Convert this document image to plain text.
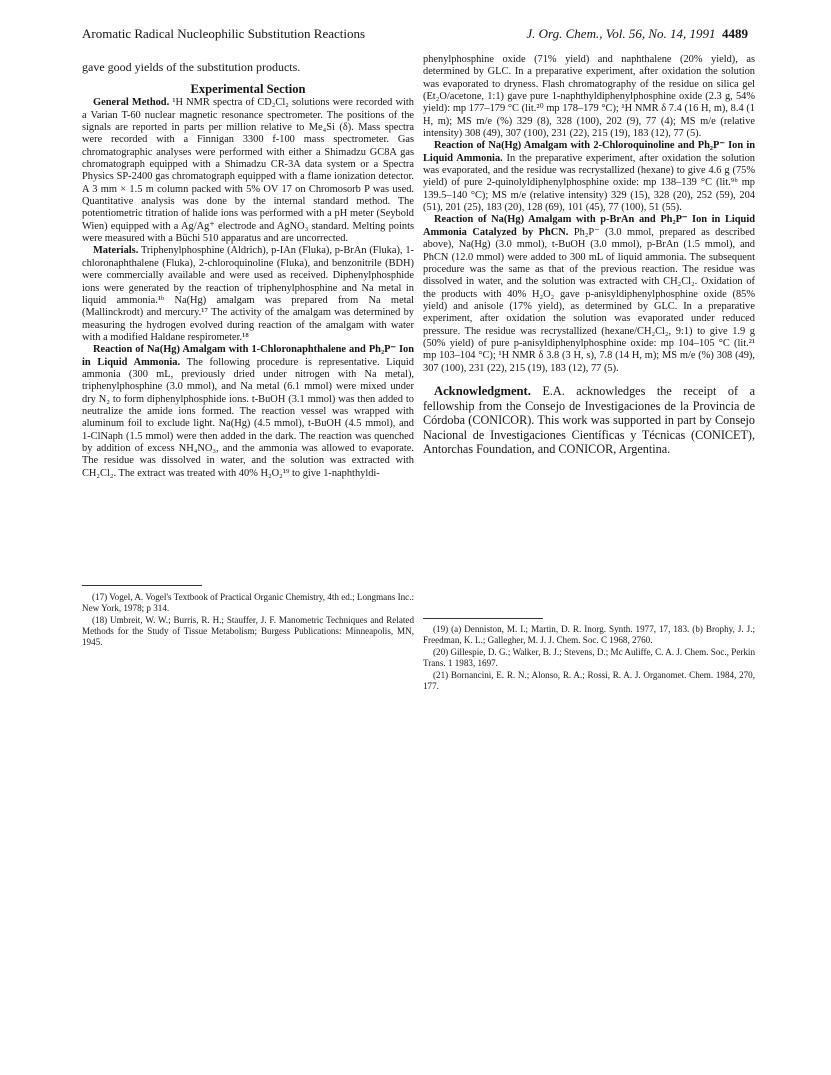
Aromatic Radical Nucleophilic Substitution Reactions	J. Org. Chem., Vol. 56, No. 14, 1991 4489

gave good yields of the substitution products.

Experimental Section

General Method. ¹H NMR spectra of CD₂Cl₂ solutions were recorded with a Varian T-60 nuclear magnetic resonance spectrometer. The positions of the signals are reported in parts per million relative to Me₄Si (δ). Mass spectra were recorded with a Finnigan 3300 f-100 mass spectrometer. Gas chromatographic analyses were performed with either a Shimadzu GC8A gas chromatograph equipped with a Shimadzu CR-3A data system or a Spectra Physics SP-2400 gas chromatograph equipped with a flame ionization detector. A 3 mm × 1.5 m column packed with 5% OV 17 on Chromosorb P was used. Quantitative analysis was done by the internal standard method. The potentiometric titration of halide ions was performed with a pH meter (Seybold Wien) equipped with a Ag/Ag⁺ electrode and AgNO₃ standard. Melting points were measured with a Büchi 510 apparatus and are uncorrected.

Materials. Triphenylphosphine (Aldrich), p-IAn (Fluka), p-BrAn (Fluka), 1-chloronaphthalene (Fluka), 2-chloroquinoline (Fluka), and benzonitrile (BDH) were commercially available and were used as received. Diphenylphosphide ions were generated by the reaction of triphenylphosphine and Na metal in liquid ammonia.¹ᵇ Na(Hg) amalgam was prepared from Na metal (Mallinckrodt) and mercury.¹⁷ The activity of the amalgam was determined by measuring the hydrogen evolved during reaction of the amalgam with water with a modified Haldane respirometer.¹⁸

Reaction of Na(Hg) Amalgam with 1-Chloronaphthalene and Ph₂P⁻ Ion in Liquid Ammonia. The following procedure is representative. Liquid ammonia (300 mL, previously dried under nitrogen with Na metal), triphenylphosphine (3.0 mmol), and Na metal (6.1 mmol) were mixed under dry N₂ to form diphenylphosphide ions. t-BuOH (3.1 mmol) was then added to neutralize the amide ions formed. The reaction vessel was wrapped with aluminum foil to exclude light. Na(Hg) (4.5 mmol), t-BuOH (4.5 mmol), and 1-ClNaph (1.5 mmol) were then added in the dark. The reaction was quenched by addition of excess NH₄NO₃, and the ammonia was allowed to evaporate. The residue was dissolved in water, and the solution was extracted with CH₂Cl₂. The extract was treated with 40% H₂O₂¹⁹ to give 1-naphthyldi-

phenylphosphine oxide (71% yield) and naphthalene (20% yield), as determined by GLC. In a preparative experiment, after oxidation the solution was evaporated to dryness. Flash chromatography of the residue on silica gel (Et₂O/acetone, 1:1) gave pure 1-naphthyldiphenylphosphine oxide (2.3 g, 54% yield): mp 177–179 °C (lit.²⁰ mp 178–179 °C); ¹H NMR δ 7.4 (16 H, m), 8.4 (1 H, m); MS m/e (%) 329 (8), 328 (100), 202 (9), 77 (4); MS m/e (relative intensity) 308 (49), 307 (100), 231 (22), 215 (19), 183 (12), 77 (5).

Reaction of Na(Hg) Amalgam with 2-Chloroquinoline and Ph₂P⁻ Ion in Liquid Ammonia. In the preparative experiment, after oxidation the solution was evaporated, and the residue was recrystallized (hexane) to give 4.6 g (75% yield) of pure 2-quinolyldiphenylphosphine oxide: mp 138–139 °C (lit.⁹ᵇ mp 139.5–140 °C); MS m/e (relative intensity) 329 (15), 328 (20), 252 (59), 204 (51), 201 (25), 183 (20), 128 (69), 101 (45), 77 (100), 51 (55).

Reaction of Na(Hg) Amalgam with p-BrAn and Ph₂P⁻ Ion in Liquid Ammonia Catalyzed by PhCN. Ph₂P⁻ (3.0 mmol, prepared as described above), Na(Hg) (3.0 mmol), t-BuOH (3.0 mmol), p-BrAn (1.5 mmol), and PhCN (12.0 mmol) were added to 300 mL of liquid ammonia. The subsequent procedure was the same as that of the previous reaction. The residue was dissolved in water, and the solution was extracted with CH₂Cl₂. Oxidation of the products with 40% H₂O₂ gave p-anisyldiphenylphosphine oxide (85% yield) and anisole (17% yield), as determined by GLC. In a preparative experiment, after oxidation the solution was evaporated under reduced pressure. The residue was recrystallized (hexane/CH₂Cl₂, 9:1) to give 1.9 g (50% yield) of pure p-anisyldiphenylphosphine oxide: mp 104–105 °C (lit.²¹ mp 103–104 °C); ¹H NMR δ 3.8 (3 H, s), 7.8 (14 H, m); MS m/e (%) 308 (49), 307 (100), 231 (22), 215 (19), 183 (12), 77 (5).

Acknowledgment. E.A. acknowledges the receipt of a fellowship from the Consejo de Investigaciones de la Provincia de Córdoba (CONICOR). This work was supported in part by Consejo Nacional de Investigaciones Científicas y Técnicas (CONICET), Antorchas Foundation, and CONICOR, Argentina.

(17) Vogel, A. Vogel's Textbook of Practical Organic Chemistry, 4th ed.; Longmans Inc.: New York, 1978; p 314.

(18) Umbreit, W. W.; Burris, R. H.; Stauffer, J. F. Manometric Techniques and Related Methods for the Study of Tissue Metabolism; Burgess Publications: Minneapolis, MN, 1945.

(19) (a) Denniston, M. I.; Martin, D. R. Inorg. Synth. 1977, 17, 183. (b) Brophy, J. J.; Freedman, K. L.; Gallegher, M. J. J. Chem. Soc. C 1968, 2760.

(20) Gillespie, D. G.; Walker, B. J.; Stevens, D.; Mc Auliffe, C. A. J. Chem. Soc., Perkin Trans. 1 1983, 1697.

(21) Bornancini, E. R. N.; Alonso, R. A.; Rossi, R. A. J. Organomet. Chem. 1984, 270, 177.
